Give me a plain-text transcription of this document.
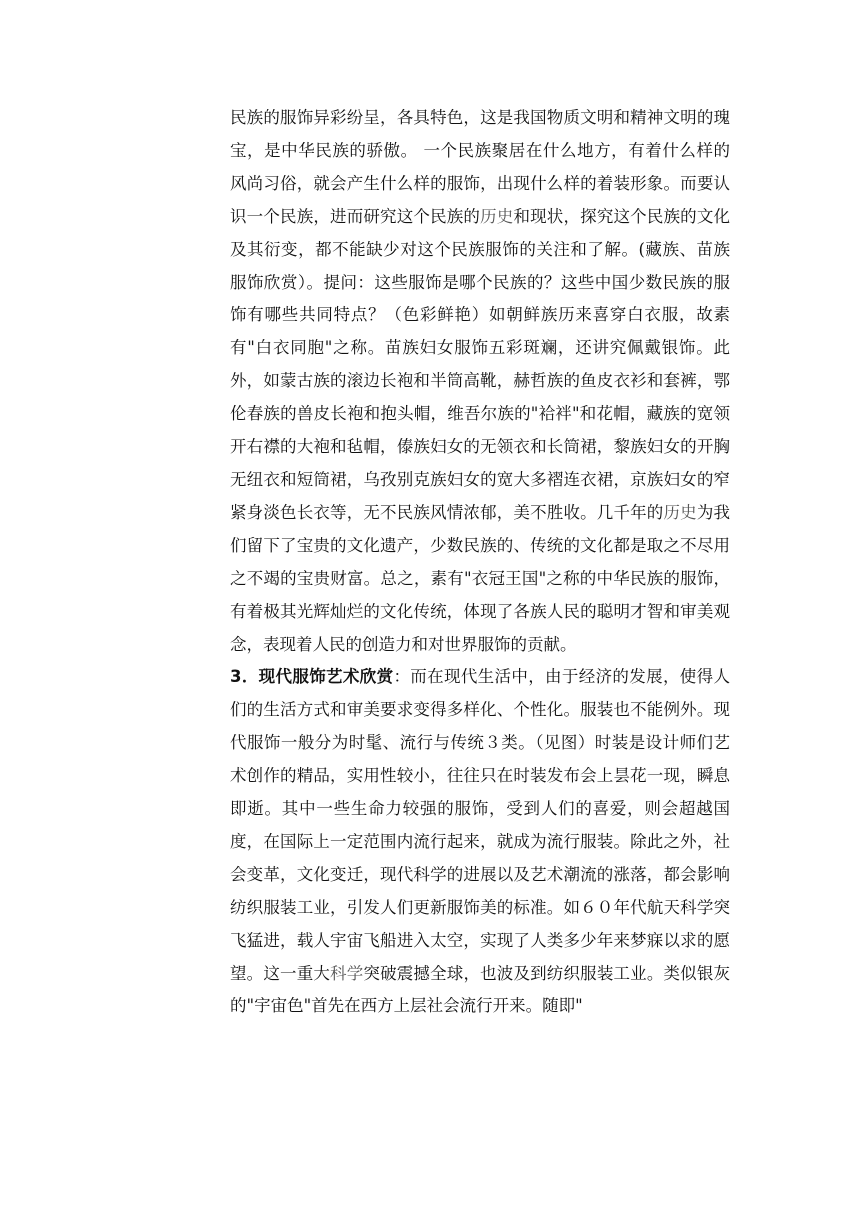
民族的服饰异彩纷呈，各具特色，这是我国物质文明和精神文明的瑰宝，是中华民族的骄傲。 一个民族聚居在什么地方，有着什么样的风尚习俗，就会产生什么样的服饰，出现什么样的着装形象。而要认识一个民族，进而研究这个民族的历史和现状，探究这个民族的文化及其衍变，都不能缺少对这个民族服饰的关注和了解。(藏族、苗族服饰欣赏）。提问：这些服饰是哪个民族的？这些中国少数民族的服饰有哪些共同特点？（色彩鲜艳）如朝鲜族历来喜穿白衣服，故素有"白衣同胞"之称。苗族妇女服饰五彩斑斓，还讲究佩戴银饰。此外，如蒙古族的滚边长袍和半筒高靴，赫哲族的鱼皮衣衫和套裤，鄂伦春族的兽皮长袍和抱头帽，维吾尔族的"袷袢"和花帽，藏族的宽领开右襟的大袍和毡帽，傣族妇女的无领衣和长筒裙，黎族妇女的开胸无纽衣和短筒裙，乌孜别克族妇女的宽大多褶连衣裙，京族妇女的窄紧身淡色长衣等，无不民族风情浓郁，美不胜收。几千年的历史为我们留下了宝贵的文化遗产，少数民族的、传统的文化都是取之不尽用之不竭的宝贵财富。总之，素有"衣冠王国"之称的中华民族的服饰，有着极其光辉灿烂的文化传统，体现了各族人民的聪明才智和审美观念，表现着人民的创造力和对世界服饰的贡献。

3．现代服饰艺术欣赏：而在现代生活中，由于经济的发展，使得人们的生活方式和审美要求变得多样化、个性化。服装也不能例外。现代服饰一般分为时髦、流行与传统３类。（见图）时装是设计师们艺术创作的精品，实用性较小，往往只在时装发布会上昙花一现，瞬息即逝。其中一些生命力较强的服饰，受到人们的喜爱，则会超越国度，在国际上一定范围内流行起来，就成为流行服装。除此之外，社会变革，文化变迁，现代科学的进展以及艺术潮流的涨落，都会影响纺织服装工业，引发人们更新服饰美的标准。如６０年代航天科学突飞猛进，载人宇宙飞船进入太空，实现了人类多少年来梦寐以求的愿望。这一重大科学突破震撼全球，也波及到纺织服装工业。类似银灰的"宇宙色"首先在西方上层社会流行开来。随即"
